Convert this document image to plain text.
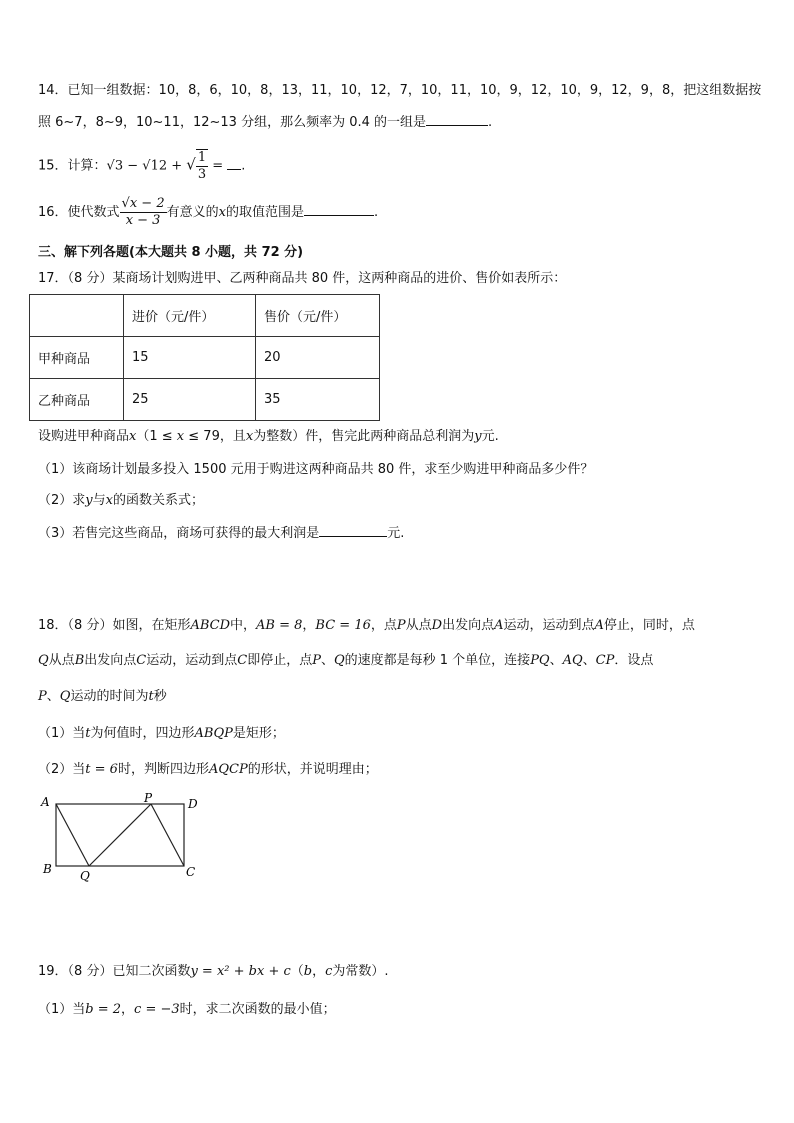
14．已知一组数据：10，8，6，10，8，13，11，10，12，7，10，11，10，9，12，10，9，12，9，8，把这组数据按
照 6~7，8~9，10~11，12~13 分组，那么频率为 0.4 的一组是	.
15．计算：√3 − √12 + √ $\frac{1}{3}$ = .
16．使代数式 $\frac{√x - 2}{x - 3}$ 有意义的x的取值范围是	.
三、解下列各题(本大题共 8 小题，共 72 分)
17．（8 分）某商场计划购进甲、乙两种商品共 80 件，这两种商品的进价、售价如表所示：
	进价（元/件）	售价（元/件）
甲种商品	15	20
乙种商品	25	35
设购进甲种商品x（1 ≤ x ≤ 79，且x为整数）件，售完此两种商品总利润为y元.
（1）该商场计划最多投入 1500 元用于购进这两种商品共 80 件，求至少购进甲种商品多少件？
（2）求y与x的函数关系式；
（3）若售完这些商品，商场可获得的最大利润是	元.
18．（8 分）如图，在矩形ABCD中，AB = 8，BC = 16，点P从点D出发向点A运动，运动到点A停止，同时，点
Q从点B出发向点C运动，运动到点C即停止，点P、Q的速度都是每秒 1 个单位，连接PQ、AQ、CP．设点
P、Q运动的时间为t秒
（1）当t为何值时，四边形ABQP是矩形；
（2）当t = 6时，判断四边形AQCP的形状，并说明理由；
A	D
B	C
P
Q
19．（8 分）已知二次函数y = x² + bx + c（b，c为常数）.
（1）当b = 2，c = −3时，求二次函数的最小值；
